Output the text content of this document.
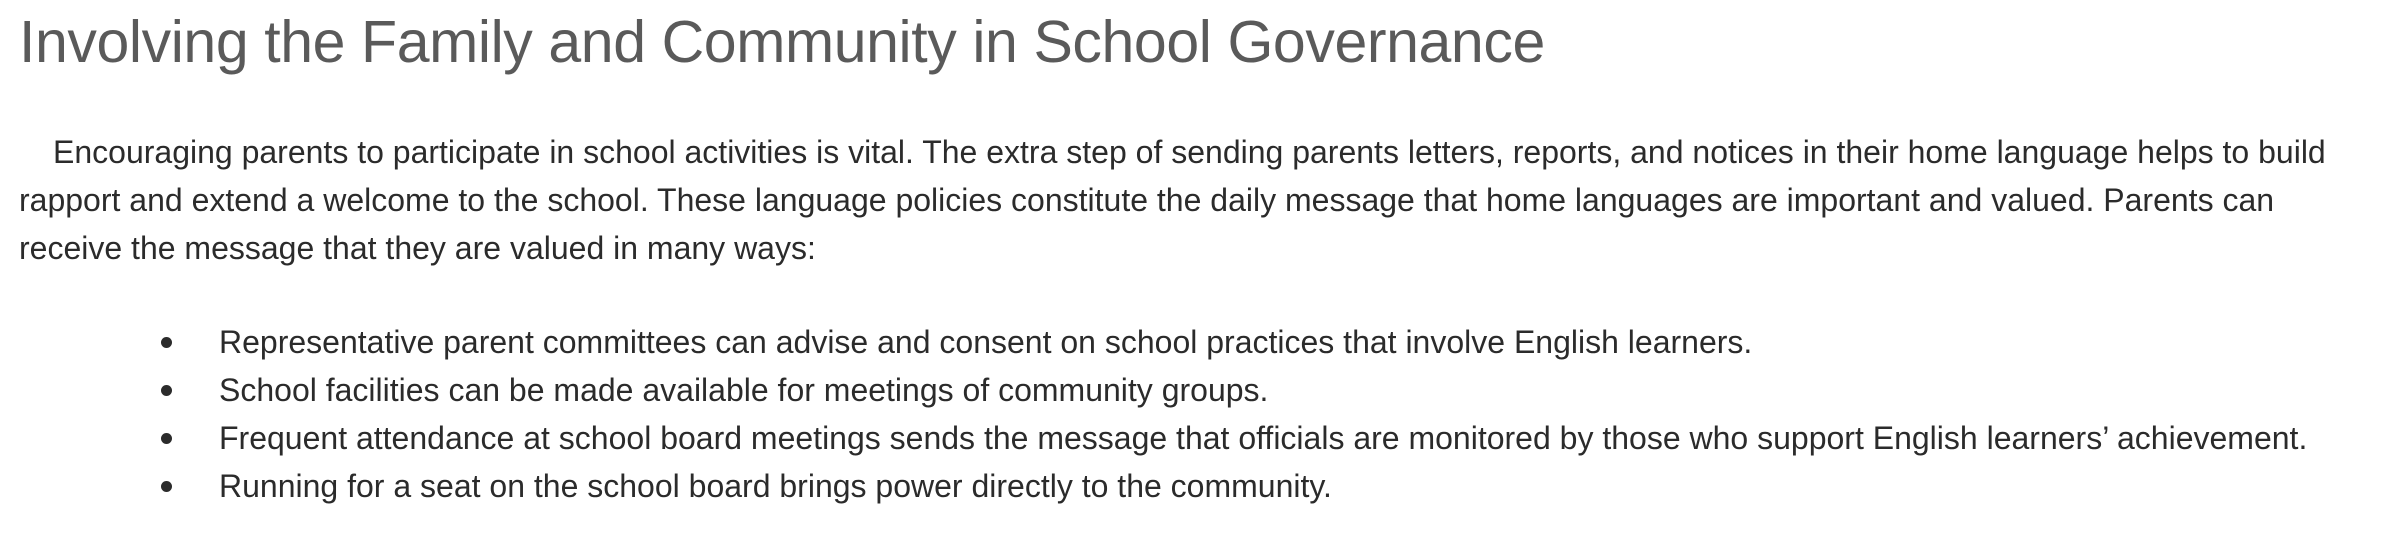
Involving the Family and Community in School Governance

Encouraging parents to participate in school activities is vital. The extra step of sending parents letters, reports, and notices in their home language helps to build rapport and extend a welcome to the school. These language policies constitute the daily message that home languages are important and valued. Parents can receive the message that they are valued in many ways:

Representative parent committees can advise and consent on school practices that involve English learners.
School facilities can be made available for meetings of community groups.
Frequent attendance at school board meetings sends the message that officials are monitored by those who support English learners’ achievement.
Running for a seat on the school board brings power directly to the community.
